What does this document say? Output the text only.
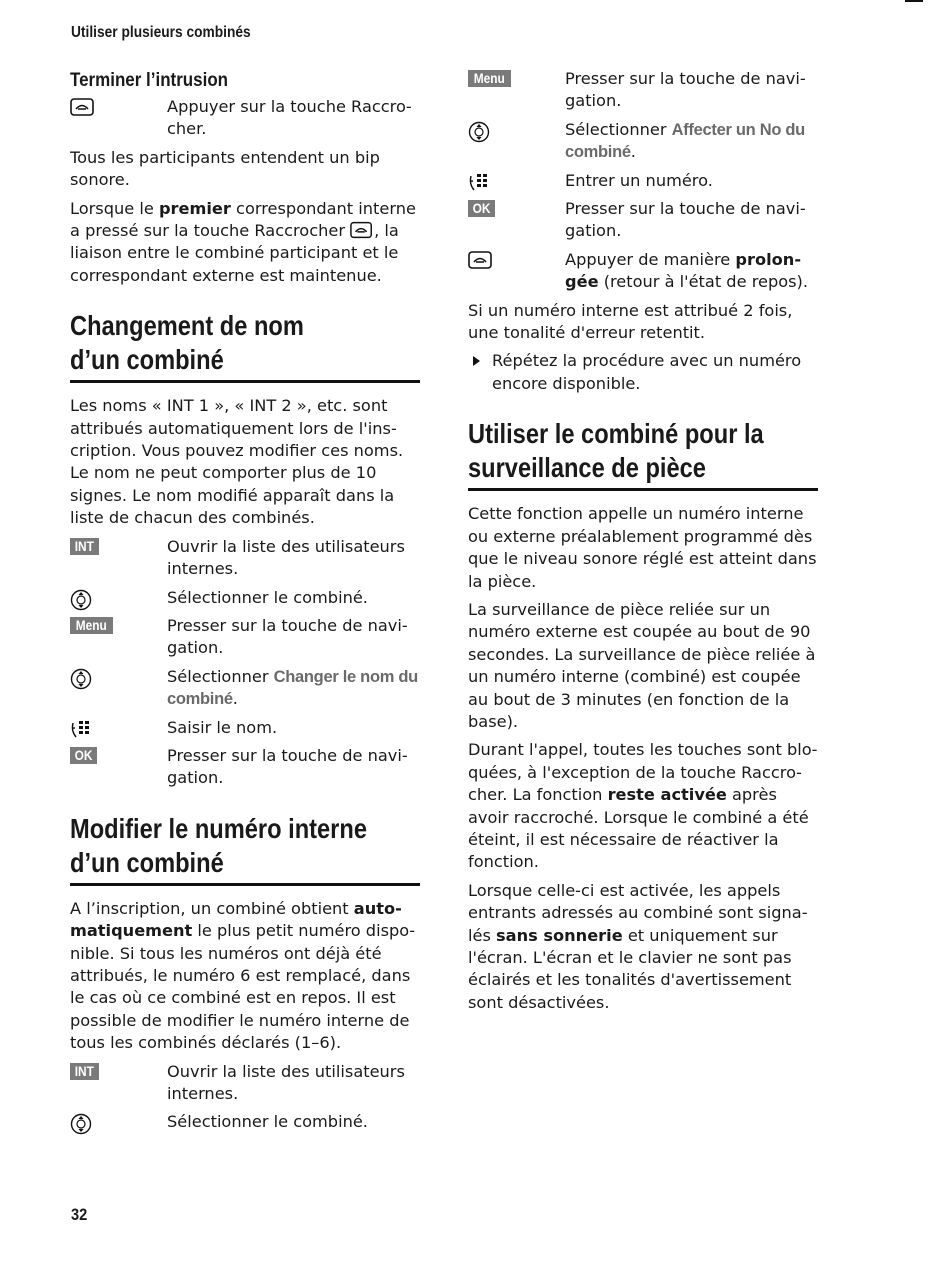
Utiliser plusieurs combinés
Terminer l’intrusion
Appuyer sur la touche Raccrocher.

Tous les participants entendent un bip sonore.

Lorsque le premier correspondant interne a pressé sur la touche Raccrocher
, la liaison entre le combiné participant et le correspondant externe est maintenue.

Changement de nom
d’un combiné

Les noms « INT 1 », « INT 2 », etc. sont attribués automatiquement lors de l'inscription. Vous pouvez modifier ces noms. Le nom ne peut comporter plus de 10 signes. Le nom modifié apparaît dans la liste de chacun des combinés.

INT	Ouvrir la liste des utilisateurs internes.
Sélectionner le combiné.
Menu	Presser sur la touche de navigation.
Sélectionner Changer le nom du combiné.
Saisir le nom.
OK	Presser sur la touche de navigation.
Modifier le numéro interne
d’un combiné

A l’inscription, un combiné obtient automatiquement le plus petit numéro disponible. Si tous les numéros ont déjà été attribués, le numéro 6 est remplacé, dans le cas où ce combiné est en repos. Il est possible de modifier le numéro interne de tous les combinés déclarés (1–6).

INT	Ouvrir la liste des utilisateurs internes.
Sélectionner le combiné.
Menu	Presser sur la touche de navigation.
Sélectionner Affecter un No du combiné.
Entrer un numéro.
OK	Presser sur la touche de navigation.
Appuyer de manière prolongée (retour à l'état de repos).

Si un numéro interne est attribué 2 fois, une tonalité d'erreur retentit.

Répétez la procédure avec un numéro encore disponible.
Utiliser le combiné pour la
surveillance de pièce

Cette fonction appelle un numéro interne ou externe préalablement programmé dès que le niveau sonore réglé est atteint dans la pièce.

La surveillance de pièce reliée sur un numéro externe est coupée au bout de 90 secondes. La surveillance de pièce reliée à un numéro interne (combiné) est coupée au bout de 3 minutes (en fonction de la base).

Durant l'appel, toutes les touches sont bloquées, à l'exception de la touche Raccrocher. La fonction reste activée après avoir raccroché. Lorsque le combiné a été éteint, il est nécessaire de réactiver la fonction.

Lorsque celle-ci est activée, les appels entrants adressés au combiné sont signalés sans sonnerie et uniquement sur l'écran. L'écran et le clavier ne sont pas éclairés et les tonalités d'avertissement sont désactivées.

32
